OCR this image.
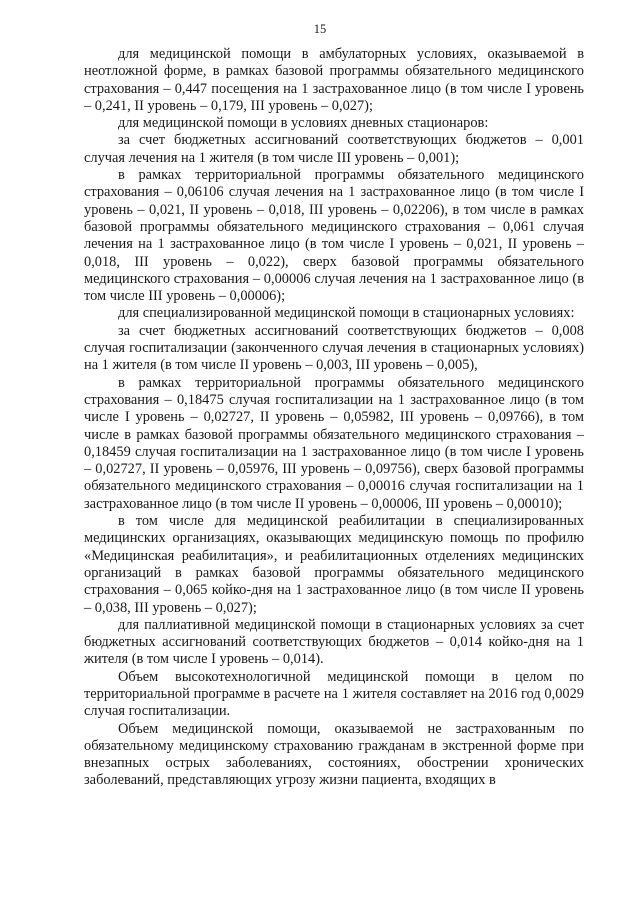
15

для медицинской помощи в амбулаторных условиях, оказываемой в неотложной форме, в рамках базовой программы обязательного медицинского страхования – 0,447 посещения на 1 застрахованное лицо (в том числе I уровень – 0,241, II уровень – 0,179, III уровень – 0,027);

для медицинской помощи в условиях дневных стационаров:

за счет бюджетных ассигнований соответствующих бюджетов – 0,001 случая лечения на 1 жителя (в том числе III уровень – 0,001);

в рамках территориальной программы обязательного медицинского страхования – 0,06106 случая лечения на 1 застрахованное лицо (в том числе I уровень – 0,021, II уровень – 0,018, III уровень – 0,02206), в том числе в рамках базовой программы обязательного медицинского страхования – 0,061 случая лечения на 1 застрахованное лицо (в том числе I уровень – 0,021, II уровень – 0,018, III уровень – 0,022), сверх базовой программы обязательного медицинского страхования – 0,00006 случая лечения на 1 застрахованное лицо (в том числе III уровень – 0,00006);

для специализированной медицинской помощи в стационарных условиях:

за счет бюджетных ассигнований соответствующих бюджетов – 0,008 случая госпитализации (законченного случая лечения в стационарных условиях) на 1 жителя (в том числе II уровень – 0,003, III уровень – 0,005),

в рамках территориальной программы обязательного медицинского страхования – 0,18475 случая госпитализации на 1 застрахованное лицо (в том числе I уровень – 0,02727, II уровень – 0,05982, III уровень – 0,09766), в том числе в рамках базовой программы обязательного медицинского страхования – 0,18459 случая госпитализации на 1 застрахованное лицо (в том числе I уровень – 0,02727, II уровень – 0,05976, III уровень – 0,09756), сверх базовой программы обязательного медицинского страхования – 0,00016 случая госпитализации на 1 застрахованное лицо (в том числе II уровень – 0,00006, III уровень – 0,00010);

в том числе для медицинской реабилитации в специализированных медицинских организациях, оказывающих медицинскую помощь по профилю «Медицинская реабилитация», и реабилитационных отделениях медицинских организаций в рамках базовой программы обязательного медицинского страхования – 0,065 койко-дня на 1 застрахованное лицо (в том числе II уровень – 0,038, III уровень – 0,027);

для паллиативной медицинской помощи в стационарных условиях за счет бюджетных ассигнований соответствующих бюджетов – 0,014 койко-дня на 1 жителя (в том числе I уровень – 0,014).

Объем высокотехнологичной медицинской помощи в целом по территориальной программе в расчете на 1 жителя составляет на 2016 год 0,0029 случая госпитализации.

Объем медицинской помощи, оказываемой не застрахованным по обязательному медицинскому страхованию гражданам в экстренной форме при внезапных острых заболеваниях, состояниях, обострении хронических заболеваний, представляющих угрозу жизни пациента, входящих в
